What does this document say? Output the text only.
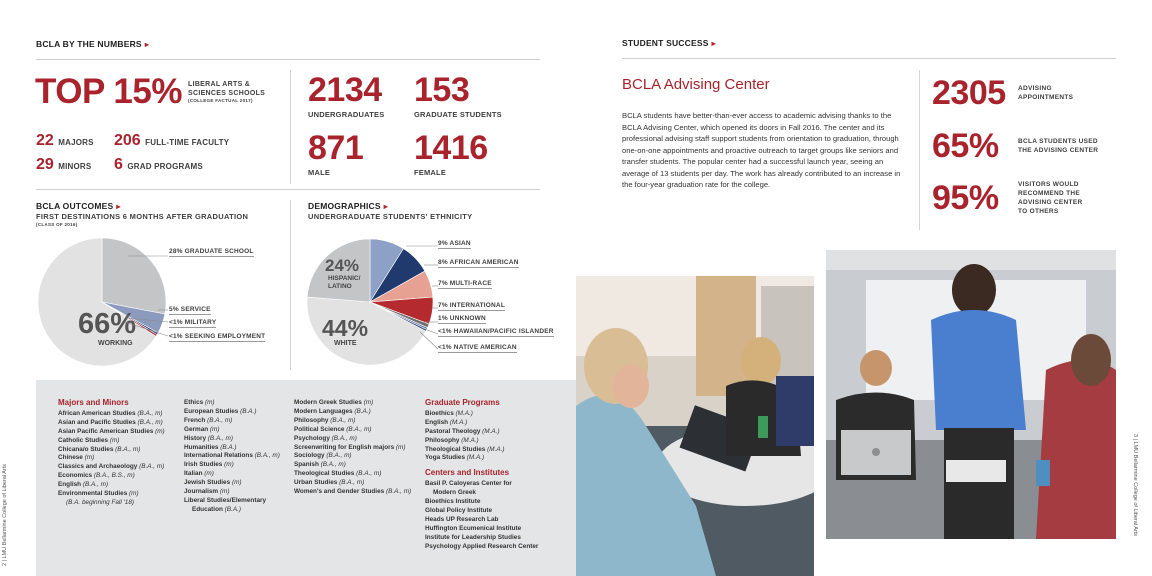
BCLA BY THE NUMBERS ▸
TOP 15% LIBERAL ARTS &
SCIENCES SCHOOLS
(COLLEGE FACTUAL 2017)
22 MAJORS 206 FULL-TIME FACULTY
29 MINORS 6 GRAD PROGRAMS
2134
UNDERGRADUATES
153
GRADUATE STUDENTS
871
MALE
1416
FEMALE
BCLA OUTCOMES ▸
FIRST DESTINATIONS 6 MONTHS AFTER GRADUATION
(CLASS OF 2016)
66%
WORKING
28% GRADUATE SCHOOL
5% SERVICE
<1% MILITARY
<1% SEEKING EMPLOYMENT
DEMOGRAPHICS ▸
UNDERGRADUATE STUDENTS' ETHNICITY
44%
WHITE
24%
HISPANIC/
LATINO
9% ASIAN
8% AFRICAN AMERICAN
7% MULTI-RACE
7% INTERNATIONAL
1% UNKNOWN
<1% HAWAIIAN/PACIFIC ISLANDER
<1% NATIVE AMERICAN
Majors and Minors
African American Studies (B.A., m)
Asian and Pacific Studies (B.A., m)
Asian Pacific American Studies (m)
Catholic Studies (m)
Chicana/o Studies (B.A., m)
Chinese (m)
Classics and Archaeology (B.A., m)
Economics (B.A., B.S., m)
English (B.A., m)
Environmental Studies (m)
(B.A. beginning Fall '18)
Ethics (m)
European Studies (B.A.)
French (B.A., m)
German (m)
History (B.A., m)
Humanities (B.A.)
International Relations (B.A., m)
Irish Studies (m)
Italian (m)
Jewish Studies (m)
Journalism (m)
Liberal Studies/Elementary
Education (B.A.)
Modern Greek Studies (m)
Modern Languages (B.A.)
Philosophy (B.A., m)
Political Science (B.A., m)
Psychology (B.A., m)
Screenwriting for English majors (m)
Sociology (B.A., m)
Spanish (B.A., m)
Theological Studies (B.A., m)
Urban Studies (B.A., m)
Women's and Gender Studies (B.A., m)
Graduate Programs
Bioethics (M.A.)
English (M.A.)
Pastoral Theology (M.A.)
Philosophy (M.A.)
Theological Studies (M.A.)
Yoga Studies (M.A.)
Centers and Institutes
Basil P. Caloyeras Center for
Modern Greek
Bioethics Institute
Global Policy Institute
Heads UP Research Lab
Huffington Ecumenical Institute
Institute for Leadership Studies
Psychology Applied Research Center
2 | LMU Bellarmine College of Liberal Arts
STUDENT SUCCESS ▸
BCLA Advising Center
BCLA students have better-than-ever access to academic advising thanks to the BCLA Advising Center, which opened its doors in Fall 2016. The center and its professional advising staff support students from orientation to graduation, through one-on-one appointments and proactive outreach to target groups like seniors and transfer students. The popular center had a successful launch year, seeing an average of 13 students per day. The work has already contributed to an increase in the four-year graduation rate for the college.
2305 ADVISING
APPOINTMENTS
65%	BCLA STUDENTS USED
THE ADVISING CENTER
95%	VISITORS WOULD
RECOMMEND THE
ADVISING CENTER
TO OTHERS
3 | LMU Bellarmine College of Liberal Arts
